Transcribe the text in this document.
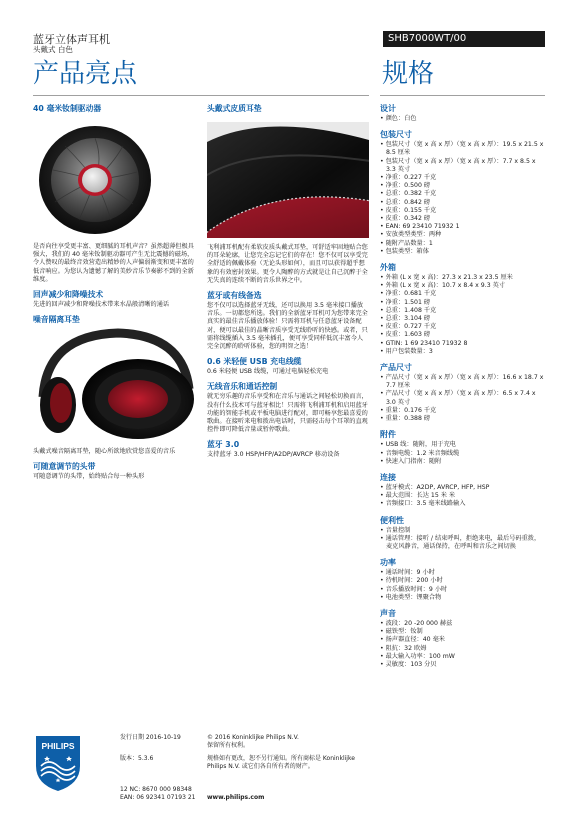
蓝牙立体声耳机
头戴式 白色
SHB7000WT/00
产品亮点	规格
40 毫米钕制驱动器
是否向往享受更丰富、更细腻的耳机声音？虽然超薄但极具强大，我们的 40 毫米钕制驱动器可产生无比震撼的磁场，令人赞叹的最终音效营造出精妙的人声偏弱渐变和更丰富的低音响应。为您认为遗憾了解的美妙音乐节奏影不到的全新维度。
回声减少和降噪技术
先进的回声减少和降噪技术带来水晶般清晰的通话
噪音隔离耳垫
头戴式噪音隔离耳垫，随心所欲地欣赏您喜爱的音乐
可随意调节的头带
可随意调节的头带，始终贴合每一种头形
头戴式皮质耳垫
飞利浦耳机配有柔软皮质头戴式耳垫，可舒适牢固地贴合您的耳朵轮廓，让您完全忘记它们的存在！您不仅可以享受完全舒适的佩戴体验（无论头形如何），而且可以获得超乎想象的有效密封效果。更令人陶醉的方式就是让自己沉醉于全无失真的连续不断的音乐世界之中。
蓝牙或有线备选
您不仅可以选择蓝牙无线，还可以换用 3.5 毫米接口播放音乐。一切都您所选。我们的全新蓝牙耳机可为您带来完全真实的最佳音乐播放体验！只需将耳机与任意蓝牙设备配对，便可以最佳的晶晰音质享受无线聆听的快感。或者，只需将线缆插入 3.5 毫米插孔，便可享受同样低沉丰富今人完全沉醉的聆听体验，您的明智之选！
0.6 米轻便 USB 充电线缆
0.6 米轻便 USB 线缆，可通过电脑轻松充电
无线音乐和通话控制
就无穷乐趣的音乐享受和在音乐与通话之间轻松切换而言，没有什么技术可与蓝牙相比！只需将飞利浦耳机和启用蓝牙功能的智能手机或平板电脑进行配对，即可畅享您最喜爱的歌曲。在接听来电和拨出电话时，只需轻击每个耳罩的直观控件即可降低音量或暂停歌曲。
蓝牙 3.0
支持蓝牙 3.0 HSP/HFP/A2DP/AVRCP 移动设备
设计
• 颜色：白色
包装尺寸
• 包装尺寸（宽 x 高 x 厚）（宽 x 高 x 厚）：19.5 x 21.5 x 8.5 厘米
• 包装尺寸（宽 x 高 x 厚）（宽 x 高 x 厚）：7.7 x 8.5 x 3.3 英寸
• 净重：0.227 千克
• 净重：0.500 磅
• 总重：0.382 千克
• 总重：0.842 磅
• 皮重：0.155 千克
• 皮重：0.342 磅
• EAN: 69 23410 71932 1
• 安放类型类型：两种
• 随附产品数量：1
• 包装类型：箱体
外箱
• 外箱 (L x 宽 x 高)：27.3 x 21.3 x 23.5 厘米
• 外箱 (L x 宽 x 高)：10.7 x 8.4 x 9.3 英寸
• 净重：0.681 千克
• 净重：1.501 磅
• 总重：1.408 千克
• 总重：3.104 磅
• 皮重：0.727 千克
• 皮重：1.603 磅
• GTIN: 1 69 23410 71932 8
• 用户包装数量：3
产品尺寸
• 产品尺寸（宽 x 高 x 厚）（宽 x 高 x 厚）：16.6 x 18.7 x 7.7 厘米
• 产品尺寸（宽 x 高 x 厚）（宽 x 高 x 厚）：6.5 x 7.4 x 3.0 英寸
• 重量：0.176 千克
• 重量：0.388 磅
附件
• USB 线：随附，用于充电
• 音频电缆：1.2 米音频线缆
• 快速入门指南：随附
连接
• 蓝牙模式：A2DP, AVRCP, HFP, HSP
• 最大范围：长达 15 米 米
• 音频接口：3.5 毫米线路输入
便利性
• 音量控制
• 通话管理：接听 / 结束呼叫，拒绝来电，最后号码重拨，麦克风静音，通话保持，在呼叫和音乐之间切换
功率
• 通话时间：9 小时
• 待机时间：200 小时
• 音乐播放时间：9 小时
• 电池类型：锂聚合物
声音
• 波段：20 -20 000 赫兹
• 磁铁型：钕制
• 扬声器直径：40 毫米
• 阻抗：32 欧姆
• 最大输入功率：100 mW
• 灵敏度：103 分贝
PHILIPS
发行日期 2016-10-19
版本：5.3.6
12 NC: 8670 000 98348
EAN: 06 92341 07193 21
© 2016 Koninklijke Philips N.V.
保留所有权利。
规格如有更改，恕不另行通知。所有商标是 Koninklijke Philips N.V. 或它们各自所有者的财产。
www.philips.com
